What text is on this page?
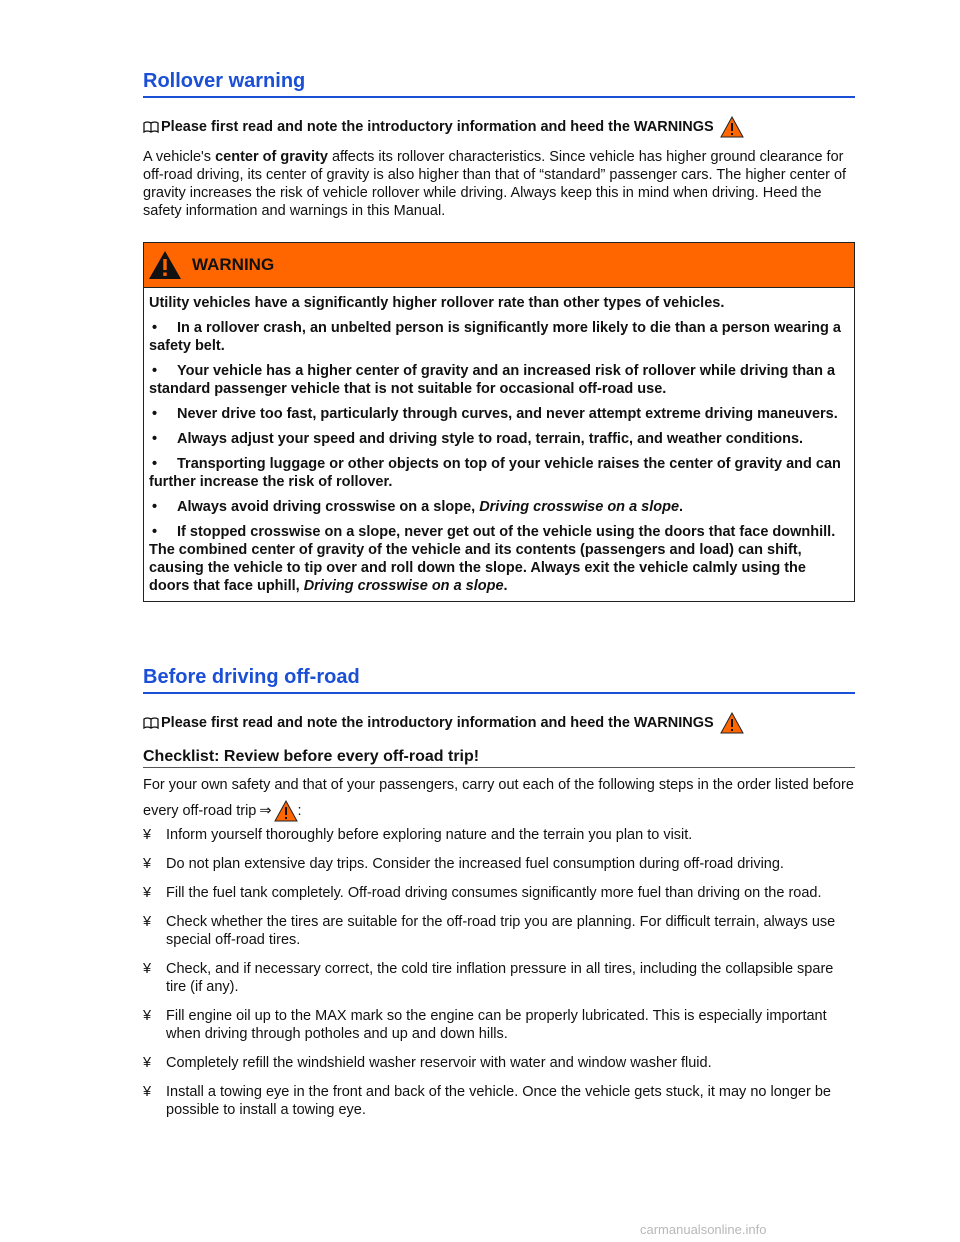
Rollover warning
Please first read and note the introductory information and heed the WARNINGS
A vehicle's center of gravity affects its rollover characteristics. Since vehicle has higher ground clearance for off-road driving, its center of gravity is also higher than that of “standard” passenger cars. The higher center of gravity increases the risk of vehicle rollover while driving. Always keep this in mind when driving. Heed the safety information and warnings in this Manual.
WARNING

Utility vehicles have a significantly higher rollover rate than other types of vehicles.

• In a rollover crash, an unbelted person is significantly more likely to die than a person wearing a safety belt.

• Your vehicle has a higher center of gravity and an increased risk of rollover while driving than a standard passenger vehicle that is not suitable for occasional off-road use.

• Never drive too fast, particularly through curves, and never attempt extreme driving maneuvers.

• Always adjust your speed and driving style to road, terrain, traffic, and weather conditions.

• Transporting luggage or other objects on top of your vehicle raises the center of gravity and can further increase the risk of rollover.

• Always avoid driving crosswise on a slope, Driving crosswise on a slope.

• If stopped crosswise on a slope, never get out of the vehicle using the doors that face downhill. The combined center of gravity of the vehicle and its contents (passengers and load) can shift, causing the vehicle to tip over and roll down the slope. Always exit the vehicle calmly using the doors that face uphill, Driving crosswise on a slope.

Before driving off-road
Please first read and note the introductory information and heed the WARNINGS
Checklist: Review before every off-road trip!
For your own safety and that of your passengers, carry out each of the following steps in the order listed before every off-road trip ⇒ :
¥	Inform yourself thoroughly before exploring nature and the terrain you plan to visit.
¥	Do not plan extensive day trips. Consider the increased fuel consumption during off-road driving.
¥	Fill the fuel tank completely. Off-road driving consumes significantly more fuel than driving on the road.
¥	Check whether the tires are suitable for the off-road trip you are planning. For difficult terrain, always use special off-road tires.
¥	Check, and if necessary correct, the cold tire inflation pressure in all tires, including the collapsible spare tire (if any).
¥	Fill engine oil up to the MAX mark so the engine can be properly lubricated. This is especially important when driving through potholes and up and down hills.
¥	Completely refill the windshield washer reservoir with water and window washer fluid.
¥	Install a towing eye in the front and back of the vehicle. Once the vehicle gets stuck, it may no longer be possible to install a towing eye.
carmanualsonline.info
